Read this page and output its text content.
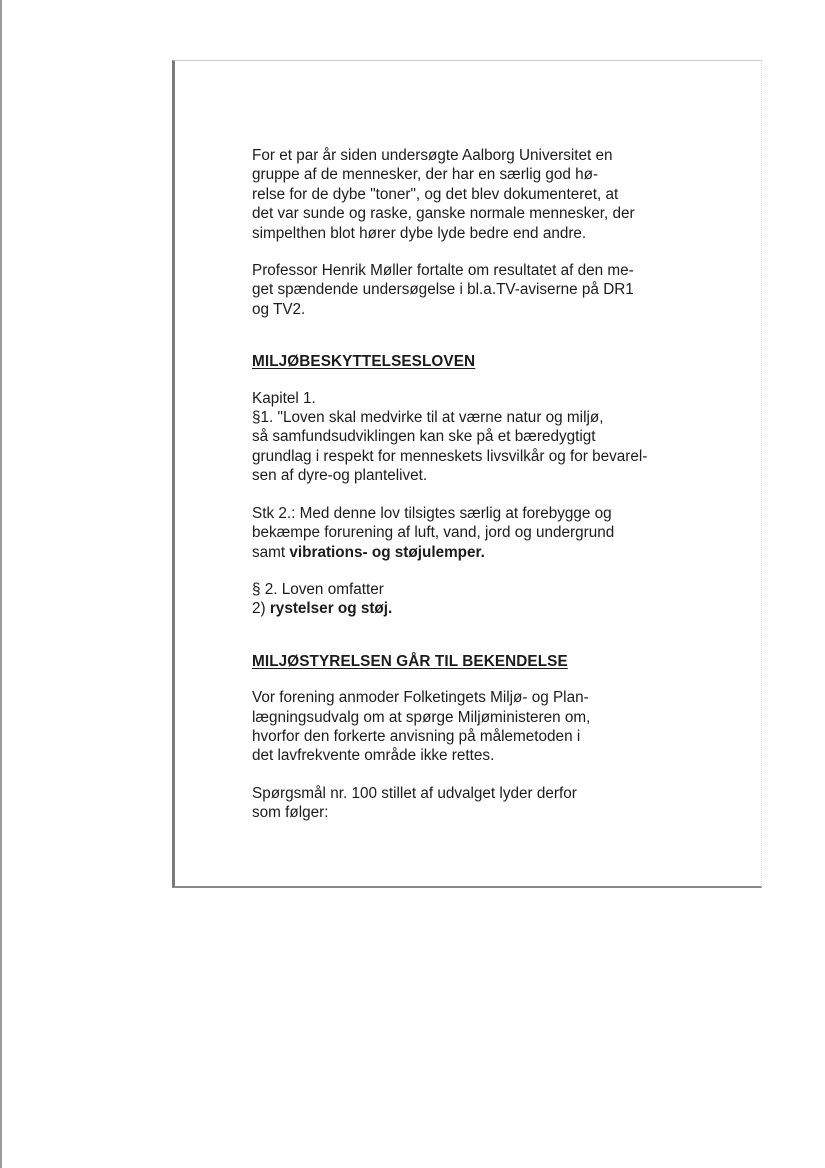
For et par år siden undersøgte Aalborg Universitet en
gruppe af de mennesker, der har en særlig god hø-
relse for de dybe "toner", og det blev dokumenteret, at
det var sunde og raske, ganske normale mennesker, der
simpelthen blot hører dybe lyde bedre end andre.

Professor Henrik Møller fortalte om resultatet af den me-
get spændende undersøgelse i bl.a.TV-aviserne på DR1
og TV2.

MILJØBESKYTTELSESLOVEN

Kapitel 1.
§1. "Loven skal medvirke til at værne natur og miljø,
så samfundsudviklingen kan ske på et bæredygtigt
grundlag i respekt for menneskets livsvilkår og for bevarel-
sen af dyre-og plantelivet.

Stk 2.: Med denne lov tilsigtes særlig at forebygge og
bekæmpe forurening af luft, vand, jord og undergrund
samt vibrations- og støjulemper.

§ 2. Loven omfatter
2) rystelser og støj.

MILJØSTYRELSEN GÅR TIL BEKENDELSE

Vor forening anmoder Folketingets Miljø- og Plan-
lægningsudvalg om at spørge Miljøministeren om,
hvorfor den forkerte anvisning på målemetoden i
det lavfrekvente område ikke rettes.

Spørgsmål nr. 100 stillet af udvalget lyder derfor
som følger:
